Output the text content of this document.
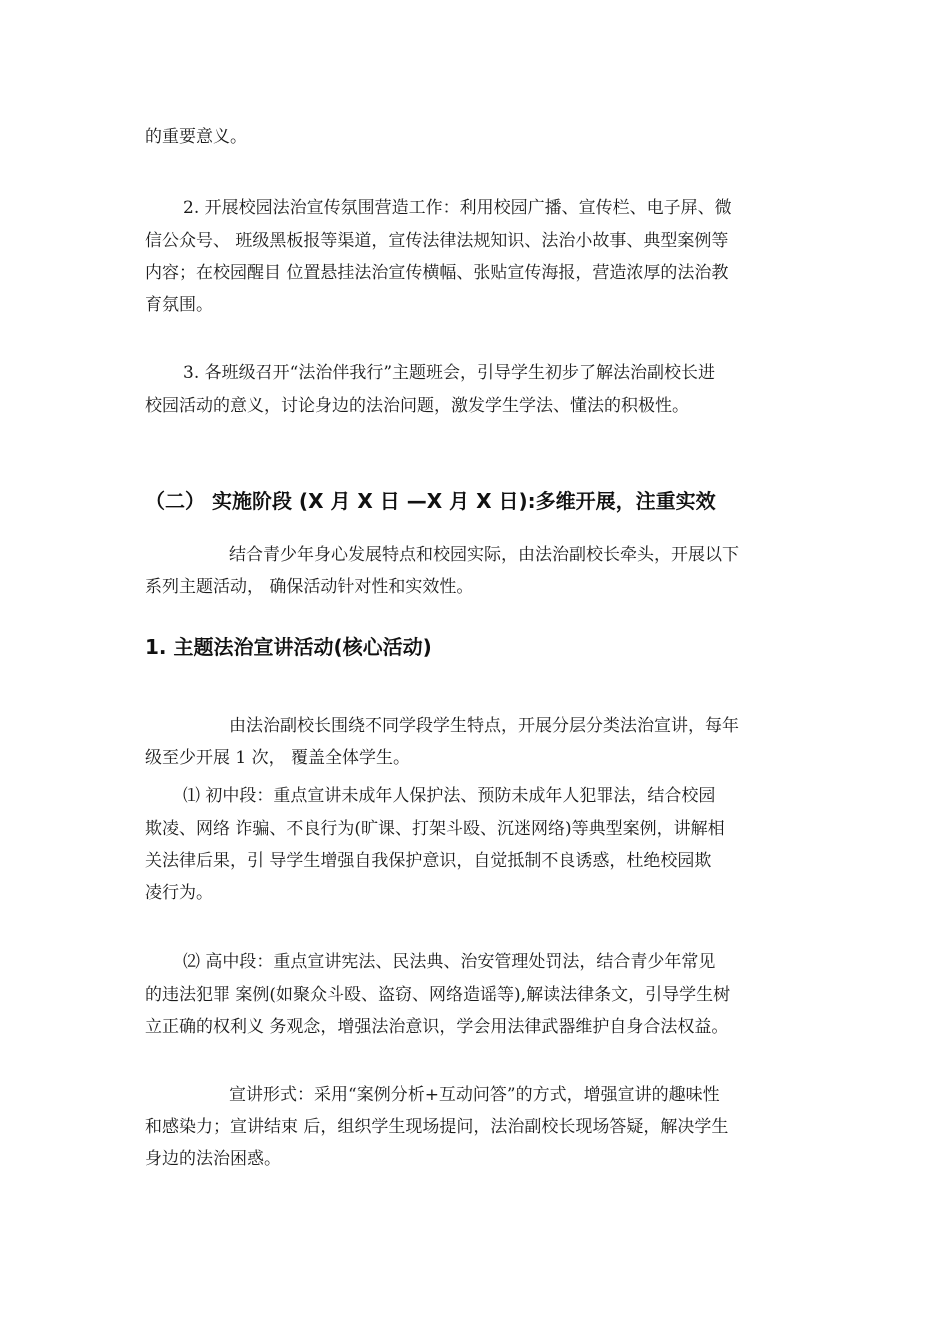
的重要意义。

2. 开展校园法治宣传氛围营造工作：利用校园广播、宣传栏、电子屏、微

信公众号、 班级黑板报等渠道，宣传法律法规知识、法治小故事、典型案例等

内容；在校园醒目 位置悬挂法治宣传横幅、张贴宣传海报，营造浓厚的法治教

育氛围。

3. 各班级召开“法治伴我行”主题班会，引导学生初步了解法治副校长进

校园活动的意义，讨论身边的法治问题，激发学生学法、懂法的积极性。

（二） 实施阶段 (X 月 X 日 —X 月 X 日):多维开展，注重实效

结合青少年身心发展特点和校园实际，由法治副校长牵头，开展以下

系列主题活动， 确保活动针对性和实效性。

1. 主题法治宣讲活动(核心活动)

由法治副校长围绕不同学段学生特点，开展分层分类法治宣讲，每年

级至少开展 1 次， 覆盖全体学生。

⑴ 初中段：重点宣讲未成年人保护法、预防未成年人犯罪法，结合校园

欺凌、网络 诈骗、不良行为(旷课、打架斗殴、沉迷网络)等典型案例，讲解相

关法律后果，引 导学生增强自我保护意识，自觉抵制不良诱惑，杜绝校园欺

凌行为。

⑵ 高中段：重点宣讲宪法、民法典、治安管理处罚法，结合青少年常见

的违法犯罪 案例(如聚众斗殴、盗窃、网络造谣等),解读法律条文，引导学生树

立正确的权利义 务观念，增强法治意识，学会用法律武器维护自身合法权益。

宣讲形式：采用“案例分析+互动问答”的方式，增强宣讲的趣味性

和感染力；宣讲结束 后，组织学生现场提问，法治副校长现场答疑，解决学生

身边的法治困惑。
